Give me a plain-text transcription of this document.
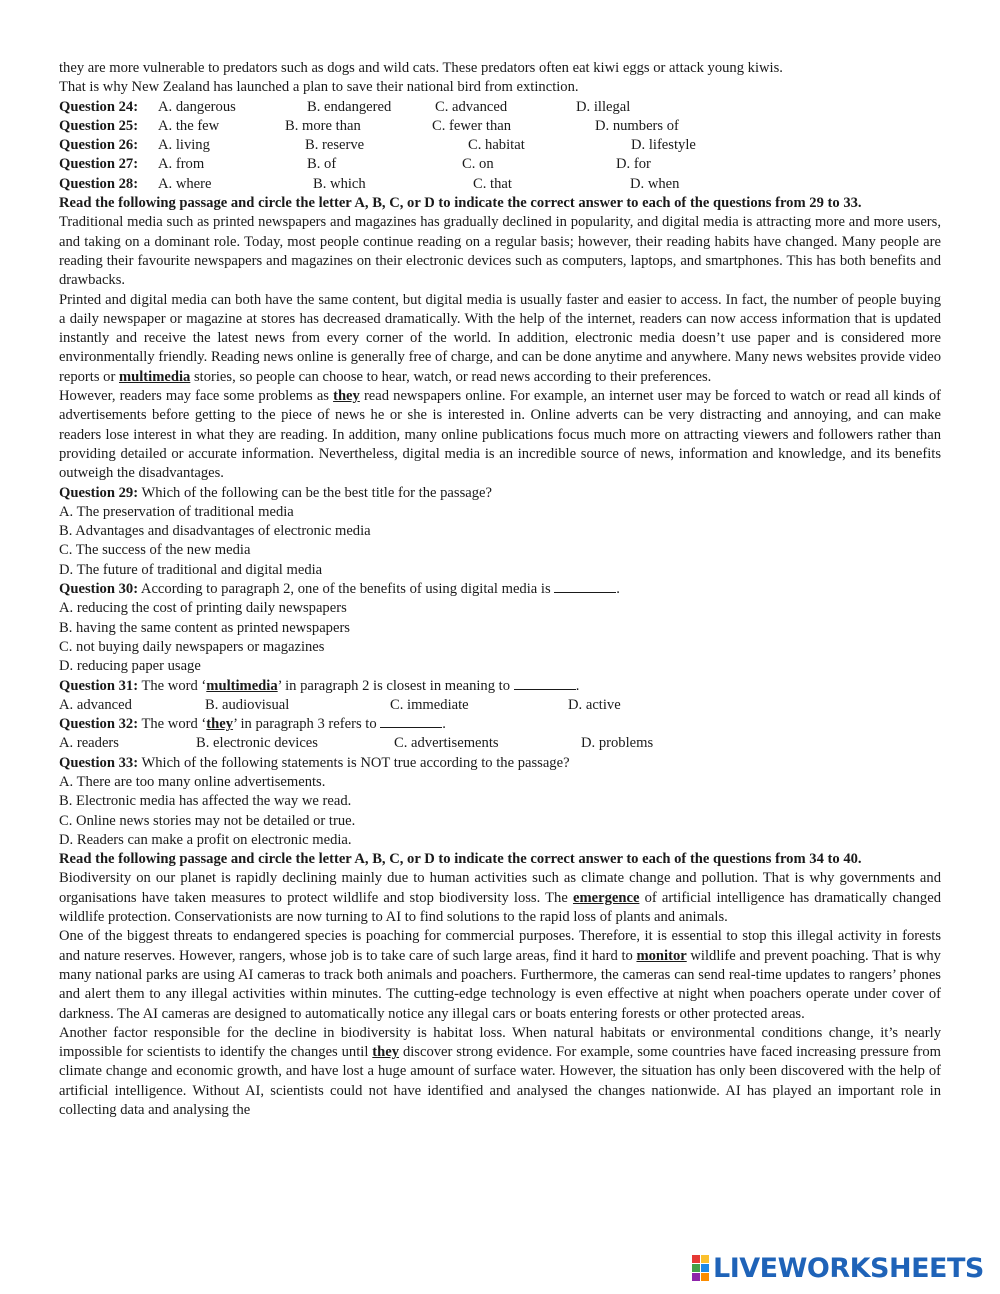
they are more vulnerable to predators such as dogs and wild cats. These predators often eat kiwi eggs or attack young kiwis.

That is why New Zealand has launched a plan to save their national bird from extinction.

Question 24: A. dangerous	B. endangered	C. advanced	D. illegal
Question 25: A. the few	B. more than	C. fewer than	D. numbers of
Question 26: A. living	B. reserve	C. habitat	D. lifestyle
Question 27: A. from	B. of	C. on	D. for
Question 28: A. where	B. which	C. that	D. when

Read the following passage and circle the letter A, B, C, or D to indicate the correct answer to each of the questions from 29 to 33.

Traditional media such as printed newspapers and magazines has gradually declined in popularity, and digital media is attracting more and more users, and taking on a dominant role. Today, most people continue reading on a regular basis; however, their reading habits have changed. Many people are reading their favourite newspapers and magazines on their electronic devices such as computers, laptops, and smartphones. This has both benefits and drawbacks.

Printed and digital media can both have the same content, but digital media is usually faster and easier to access. In fact, the number of people buying a daily newspaper or magazine at stores has decreased dramatically. With the help of the internet, readers can now access information that is updated instantly and receive the latest news from every corner of the world. In addition, electronic media doesn’t use paper and is considered more environmentally friendly. Reading news online is generally free of charge, and can be done anytime and anywhere. Many news websites provide video reports or multimedia stories, so people can choose to hear, watch, or read news according to their preferences.

However, readers may face some problems as they read newspapers online. For example, an internet user may be forced to watch or read all kinds of advertisements before getting to the piece of news he or she is interested in. Online adverts can be very distracting and annoying, and can make readers lose interest in what they are reading. In addition, many online publications focus much more on attracting viewers and followers rather than providing detailed or accurate information. Nevertheless, digital media is an incredible source of news, information and knowledge, and its benefits outweigh the disadvantages.

Question 29: Which of the following can be the best title for the passage?

A. The preservation of traditional media

B. Advantages and disadvantages of electronic media

C. The success of the new media

D. The future of traditional and digital media

Question 30: According to paragraph 2, one of the benefits of using digital media is	.

A. reducing the cost of printing daily newspapers

B. having the same content as printed newspapers

C. not buying daily newspapers or magazines

D. reducing paper usage

Question 31: The word ‘multimedia’ in paragraph 2 is closest in meaning to	.

A. advanced	B. audiovisual	C. immediate	D. active

Question 32: The word ‘they’ in paragraph 3 refers to	.

A. readers	B. electronic devices	C. advertisements	D. problems

Question 33: Which of the following statements is NOT true according to the passage?

A. There are too many online advertisements.

B. Electronic media has affected the way we read.

C. Online news stories may not be detailed or true.

D. Readers can make a profit on electronic media.

Read the following passage and circle the letter A, B, C, or D to indicate the correct answer to each of the questions from 34 to 40.

Biodiversity on our planet is rapidly declining mainly due to human activities such as climate change and pollution. That is why governments and organisations have taken measures to protect wildlife and stop biodiversity loss. The emergence of artificial intelligence has dramatically changed wildlife protection. Conservationists are now turning to AI to find solutions to the rapid loss of plants and animals.

One of the biggest threats to endangered species is poaching for commercial purposes. Therefore, it is essential to stop this illegal activity in forests and nature reserves. However, rangers, whose job is to take care of such large areas, find it hard to monitor wildlife and prevent poaching. That is why many national parks are using AI cameras to track both animals and poachers. Furthermore, the cameras can send real-time updates to rangers’ phones and alert them to any illegal activities within minutes. The cutting-edge technology is even effective at night when poachers operate under cover of darkness. The AI cameras are designed to automatically notice any illegal cars or boats entering forests or other protected areas.

Another factor responsible for the decline in biodiversity is habitat loss. When natural habitats or environmental conditions change, it’s nearly impossible for scientists to identify the changes until they discover strong evidence. For example, some countries have faced increasing pressure from climate change and economic growth, and have lost a huge amount of surface water. However, the situation has only been discovered with the help of artificial intelligence. Without AI, scientists could not have identified and analysed the changes nationwide. AI has played an important role in collecting data and analysing the

LIVEWORKSHEETS
